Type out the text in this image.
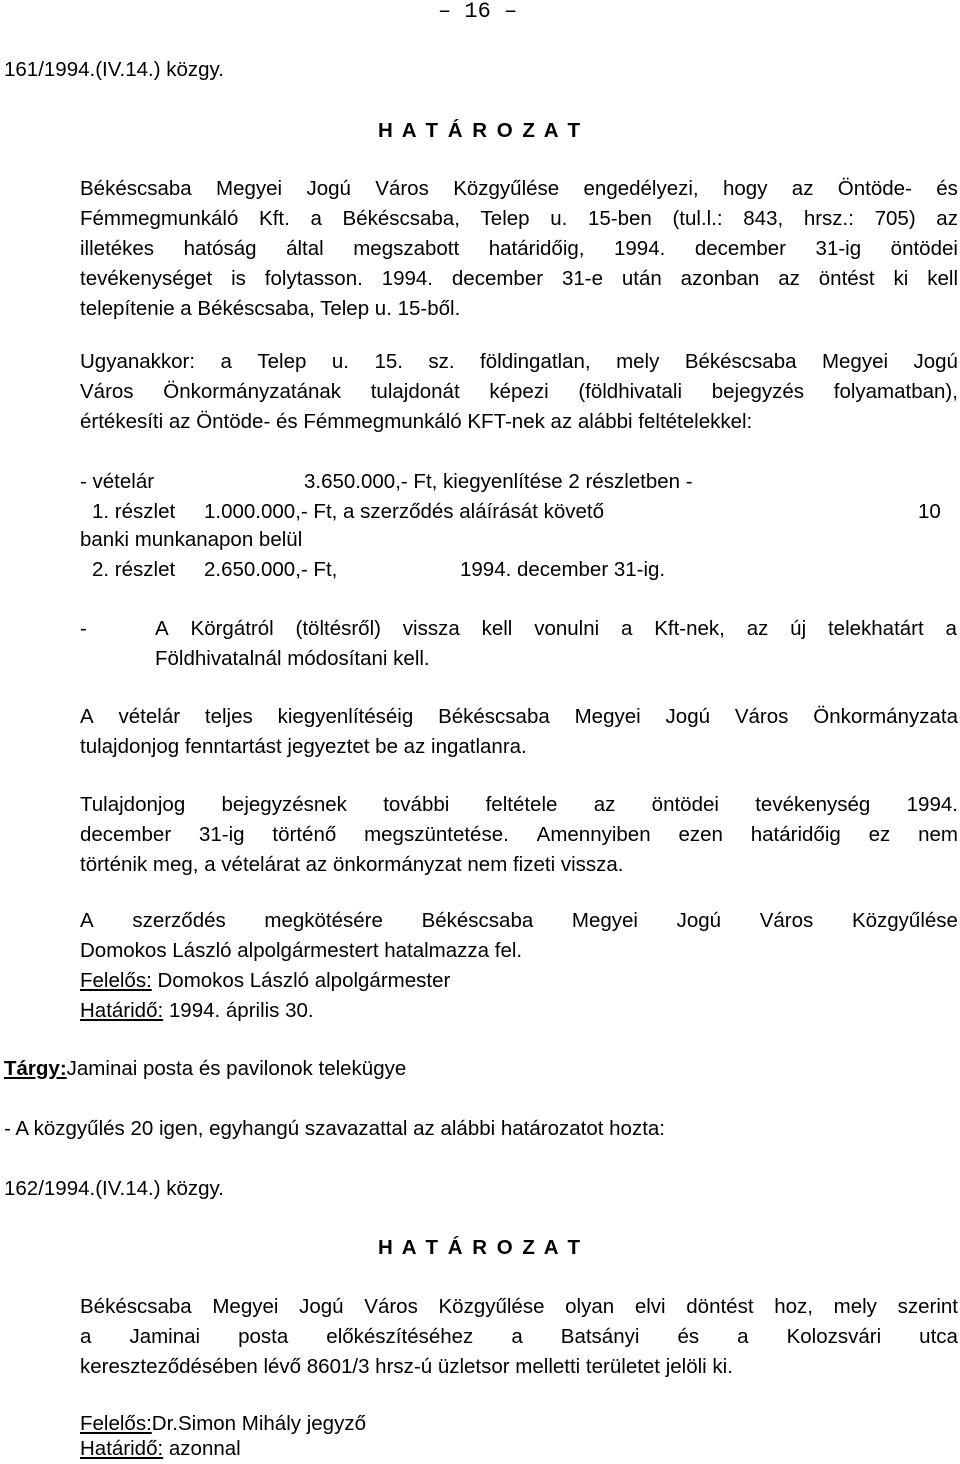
– 16 –
161/1994.(IV.14.) közgy.
H A T Á R O Z A T
Békéscsaba Megyei Jogú Város Közgyűlése engedélyezi, hogy az Öntöde- és
Fémmegmunkáló Kft. a Békéscsaba, Telep u. 15-ben (tul.l.: 843, hrsz.: 705) az
illetékes hatóság által megszabott határidőig, 1994. december 31-ig öntödei
tevékenységet is folytasson. 1994. december 31-e után azonban az öntést ki kell
telepítenie a Békéscsaba, Telep u. 15-ből.
Ugyanakkor: a Telep u. 15. sz. földingatlan, mely Békéscsaba Megyei Jogú
Város Önkormányzatának tulajdonát képezi (földhivatali bejegyzés folyamatban),
értékesíti az Öntöde- és Fémmegmunkáló KFT-nek az alábbi feltételekkel:
- vételár	3.650.000,- Ft, kiegyenlítése 2 részletben -
1. részlet 1.000.000,- Ft, a szerződés aláírását követő	10
banki munkanapon belül
2. részlet 2.650.000,- Ft,	1994. december 31-ig.
-	A Körgátról (töltésről) vissza kell vonulni a Kft-nek, az új telekhatárt a
Földhivatalnál módosítani kell.
A vételár teljes kiegyenlítéséig Békéscsaba Megyei Jogú Város Önkormányzata
tulajdonjog fenntartást jegyeztet be az ingatlanra.
Tulajdonjog bejegyzésnek további feltétele az öntödei tevékenység 1994.
december 31-ig történő megszüntetése. Amennyiben ezen határidőig ez nem
történik meg, a vételárat az önkormányzat nem fizeti vissza.
A szerződés megkötésére Békéscsaba Megyei Jogú Város Közgyűlése
Domokos László alpolgármestert hatalmazza fel.
Felelős: Domokos László alpolgármester
Határidő: 1994. április 30.
Tárgy:Jaminai posta és pavilonok telekügye
- A közgyűlés 20 igen, egyhangú szavazattal az alábbi határozatot hozta:
162/1994.(IV.14.) közgy.
H A T Á R O Z A T
Békéscsaba Megyei Jogú Város Közgyűlése olyan elvi döntést hoz, mely szerint
a Jaminai posta előkészítéséhez a Batsányi és a Kolozsvári utca
kereszteződésében lévő 8601/3 hrsz-ú üzletsor melletti területet jelöli ki.
Felelős:Dr.Simon Mihály jegyző
Határidő: azonnal
